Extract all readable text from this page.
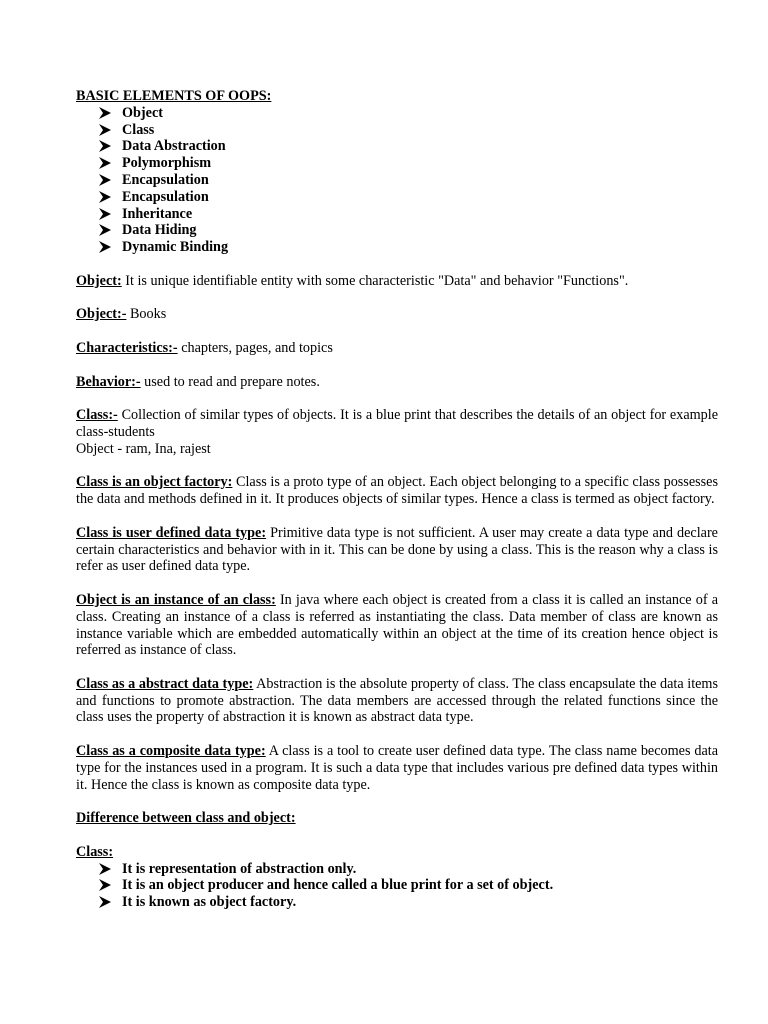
BASIC ELEMENTS OF OOPS:
Object
Class
Data Abstraction
Polymorphism
Encapsulation
Encapsulation
Inheritance
Data Hiding
Dynamic Binding

Object: It is unique identifiable entity with some characteristic "Data" and behavior "Functions".

Object:- Books

Characteristics:- chapters, pages, and topics

Behavior:- used to read and prepare notes.

Class:- Collection of similar types of objects. It is a blue print that describes the details of an object for example class-students
Object - ram, Ina, rajest

Class is an object factory: Class is a proto type of an object. Each object belonging to a specific class possesses the data and methods defined in it. It produces objects of similar types. Hence a class is termed as object factory.

Class is user defined data type: Primitive data type is not sufficient. A user may create a data type and declare certain characteristics and behavior with in it. This can be done by using a class. This is the reason why a class is refer as user defined data type.

Object is an instance of an class: In java where each object is created from a class it is called an instance of a class. Creating an instance of a class is referred as instantiating the class. Data member of class are known as instance variable which are embedded automatically within an object at the time of its creation hence object is referred as instance of class.

Class as a abstract data type: Abstraction is the absolute property of class. The class encapsulate the data items and functions to promote abstraction. The data members are accessed through the related functions since the class uses the property of abstraction it is known as abstract data type.

Class as a composite data type: A class is a tool to create user defined data type. The class name becomes data type for the instances used in a program. It is such a data type that includes various pre defined data types within it. Hence the class is known as composite data type.

Difference between class and object:

Class:

It is representation of abstraction only.
It is an object producer and hence called a blue print for a set of object.
It is known as object factory.
